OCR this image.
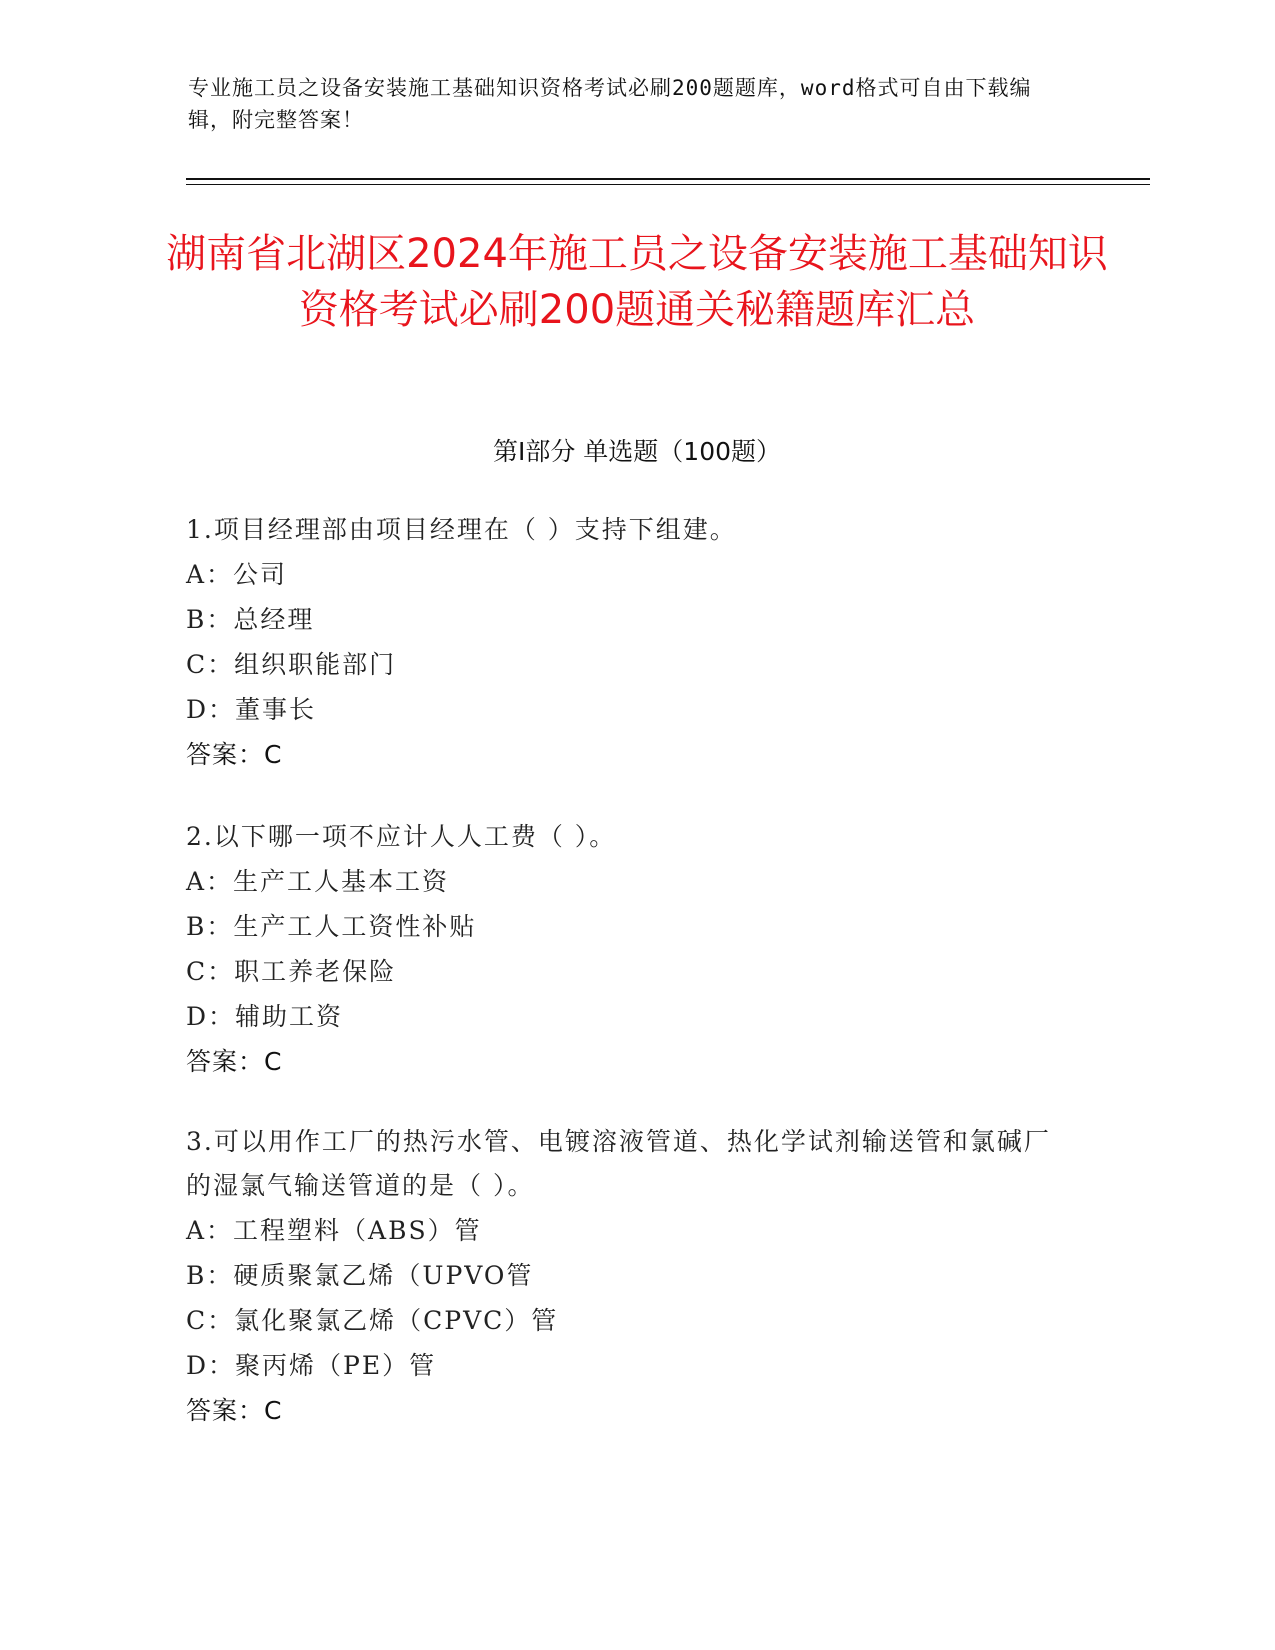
专业施工员之设备安装施工基础知识资格考试必刷200题题库，word格式可自由下载编辑，附完整答案！
湖南省北湖区2024年施工员之设备安装施工基础知识资格考试必刷200题通关秘籍题库汇总
第I部分 单选题（100题）
1.项目经理部由项目经理在（ ）支持下组建。
A：公司
B：总经理
C：组织职能部门
D：董事长
答案：C
2.以下哪一项不应计人人工费（ ）。
A：生产工人基本工资
B：生产工人工资性补贴
C：职工养老保险
D：辅助工资
答案：C
3.可以用作工厂的热污水管、电镀溶液管道、热化学试剂输送管和氯碱厂的湿氯气输送管道的是（ ）。
A：工程塑料（ABS）管
B：硬质聚氯乙烯（UPVO管
C：氯化聚氯乙烯（CPVC）管
D：聚丙烯（PE）管
答案：C
